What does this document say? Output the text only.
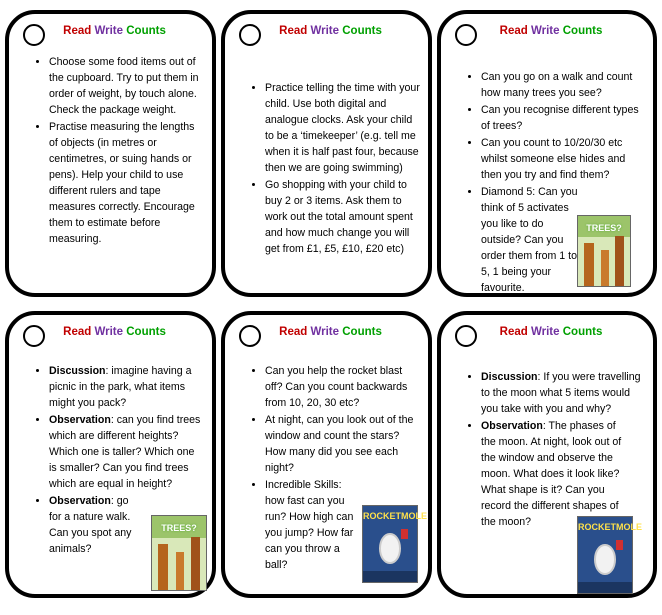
Read Write Counts
• Choose some food items out of the cupboard. Try to put them in order of weight, by touch alone. Check the package weight.
• Practise measuring the lengths of objects (in metres or centimetres, or suing hands or pens). Help your child to use different rulers and tape measures correctly. Encourage them to estimate before measuring.
Read Write Counts
• Practice telling the time with your child. Use both digital and analogue clocks. Ask your child to be a ‘timekeeper’ (e.g. tell me when it is half past four, because then we are going swimming)
• Go shopping with your child to buy 2 or 3 items. Ask them to work out the total amount spent and how much change you will get from £1, £5, £10, £20 etc)
Read Write Counts
• Can you go on a walk and count how many trees you see?
• Can you recognise different types of trees?
• Can you count to 10/20/30 etc whilst someone else hides and then you try and find them?
• Diamond 5: Can you think of 5 activates you like to do outside? Can you order them from 1 to 5, 1 being your favourite.
TREES?
Read Write Counts
• Discussion: imagine having a picnic in the park, what items might you pack?
• Observation: can you find trees which are different heights? Which one is taller? Which one is smaller? Can you find trees which are equal in height?
• Observation: go for a nature walk. Can you spot any animals?
TREES?
Read Write Counts
• Can you help the rocket blast off? Can you count backwards from 10, 20, 30 etc?
• At night, can you look out of the window and count the stars? How many did you see each night?
• Incredible Skills: how fast can you run? How high can you jump? How far can you throw a ball?
ROCKETMOLE
Read Write Counts
• Discussion: If you were travelling to the moon what 5 items would you take with you and why?
• Observation: The phases of the moon. At night, look out of the window and observe the moon. What does it look like? What shape is it? Can you record the different shapes of the moon?	ROCKETMOLE
